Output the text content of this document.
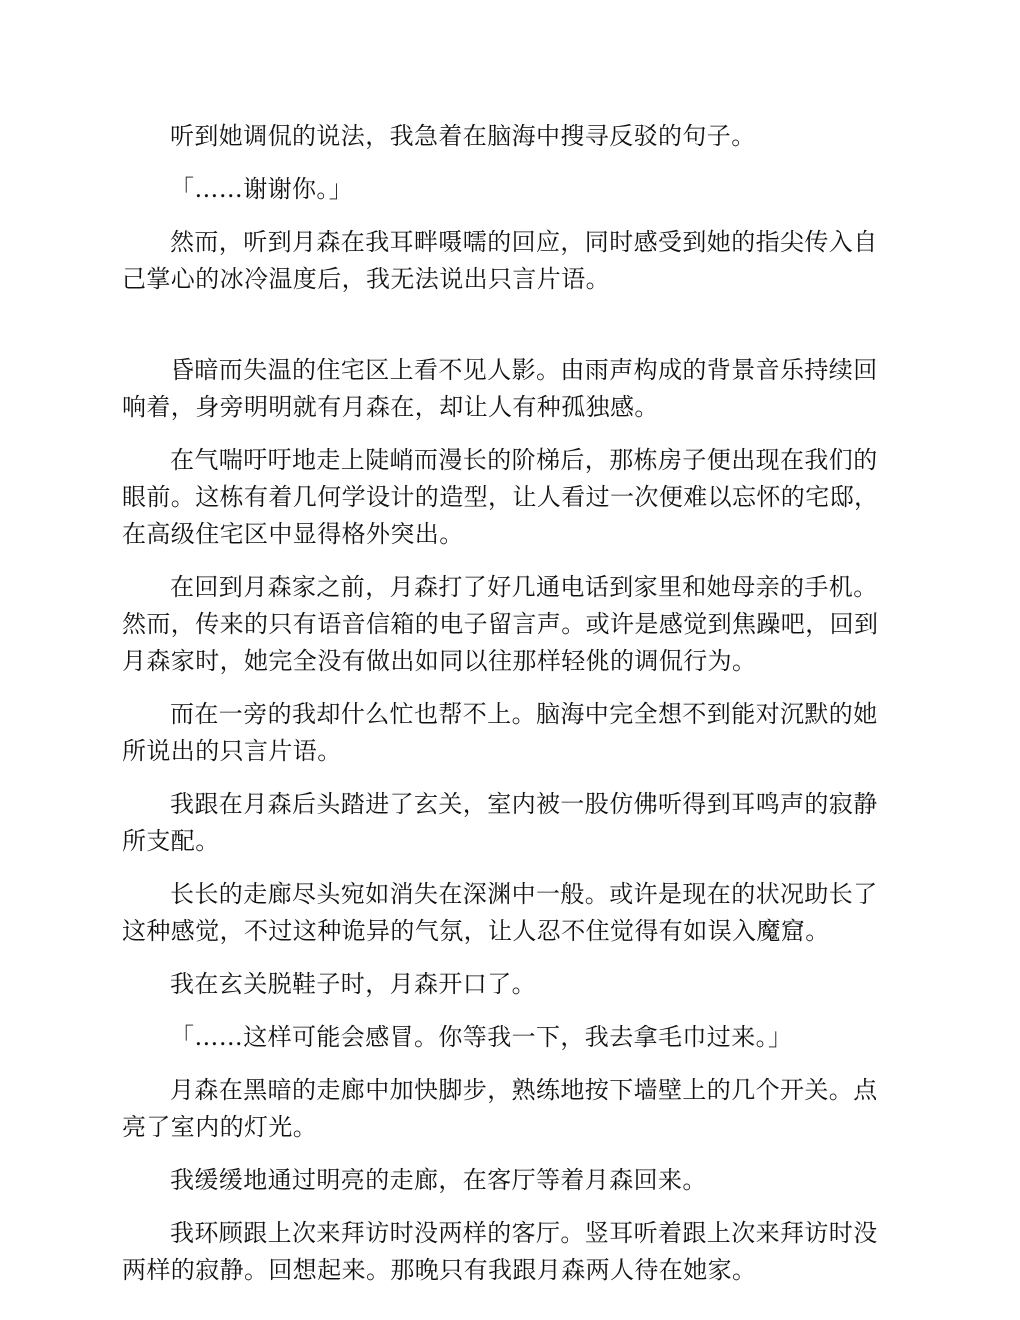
听到她调侃的说法，我急着在脑海中搜寻反驳的句子。

「……谢谢你。」

然而，听到月森在我耳畔嗫嚅的回应，同时感受到她的指尖传入自己掌心的冰冷温度后，我无法说出只言片语。

昏暗而失温的住宅区上看不见人影。由雨声构成的背景音乐持续回响着，身旁明明就有月森在，却让人有种孤独感。

在气喘吁吁地走上陡峭而漫长的阶梯后，那栋房子便出现在我们的眼前。这栋有着几何学设计的造型，让人看过一次便难以忘怀的宅邸，在高级住宅区中显得格外突出。

在回到月森家之前，月森打了好几通电话到家里和她母亲的手机。然而，传来的只有语音信箱的电子留言声。或许是感觉到焦躁吧，回到月森家时，她完全没有做出如同以往那样轻佻的调侃行为。

而在一旁的我却什么忙也帮不上。脑海中完全想不到能对沉默的她所说出的只言片语。

我跟在月森后头踏进了玄关，室内被一股仿佛听得到耳鸣声的寂静所支配。

长长的走廊尽头宛如消失在深渊中一般。或许是现在的状况助长了这种感觉，不过这种诡异的气氛，让人忍不住觉得有如误入魔窟。

我在玄关脱鞋子时，月森开口了。

「……这样可能会感冒。你等我一下，我去拿毛巾过来。」

月森在黑暗的走廊中加快脚步，熟练地按下墙壁上的几个开关。点亮了室内的灯光。

我缓缓地通过明亮的走廊，在客厅等着月森回来。

我环顾跟上次来拜访时没两样的客厅。竖耳听着跟上次来拜访时没两样的寂静。回想起来。那晚只有我跟月森两人待在她家。
